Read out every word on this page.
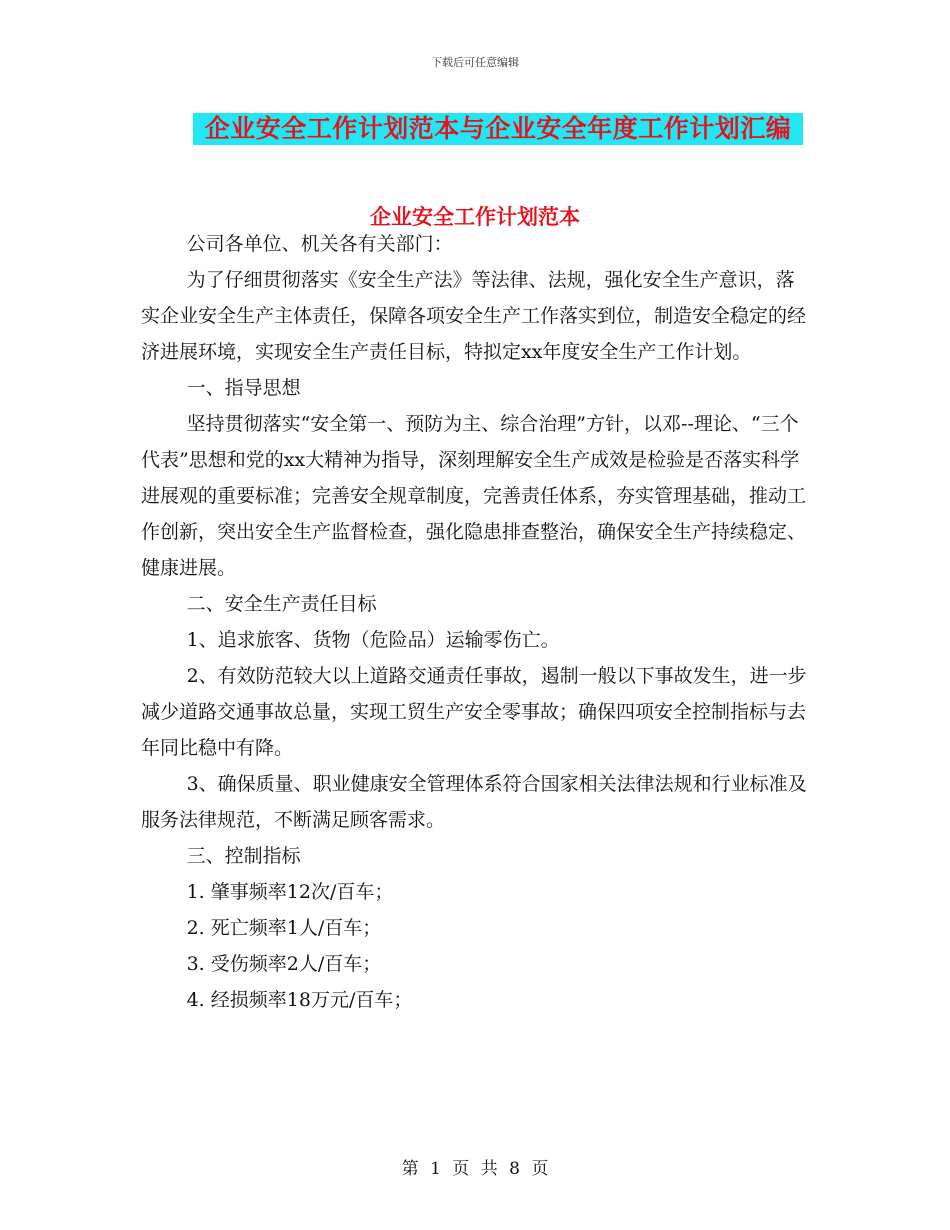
下载后可任意编辑
企业安全工作计划范本与企业安全年度工作计划汇编
企业安全工作计划范本

公司各单位、机关各有关部门：

为了仔细贯彻落实《安全生产法》等法律、法规，强化安全生产意识，落实企业安全生产主体责任，保障各项安全生产工作落实到位，制造安全稳定的经济进展环境，实现安全生产责任目标，特拟定xx年度安全生产工作计划。

一、指导思想

坚持贯彻落实“安全第一、预防为主、综合治理”方针，以邓--理论、“三个代表”思想和党的xx大精神为指导，深刻理解安全生产成效是检验是否落实科学进展观的重要标准；完善安全规章制度，完善责任体系，夯实管理基础，推动工作创新，突出安全生产监督检查，强化隐患排查整治，确保安全生产持续稳定、健康进展。

二、安全生产责任目标

1、追求旅客、货物（危险品）运输零伤亡。

2、有效防范较大以上道路交通责任事故，遏制一般以下事故发生，进一步减少道路交通事故总量，实现工贸生产安全零事故；确保四项安全控制指标与去年同比稳中有降。

3、确保质量、职业健康安全管理体系符合国家相关法律法规和行业标准及服务法律规范，不断满足顾客需求。

三、控制指标

1. 肇事频率12次/百车；

2. 死亡频率1人/百车；

3. 受伤频率2人/百车；

4. 经损频率18万元/百车；

第 1 页 共 8 页
